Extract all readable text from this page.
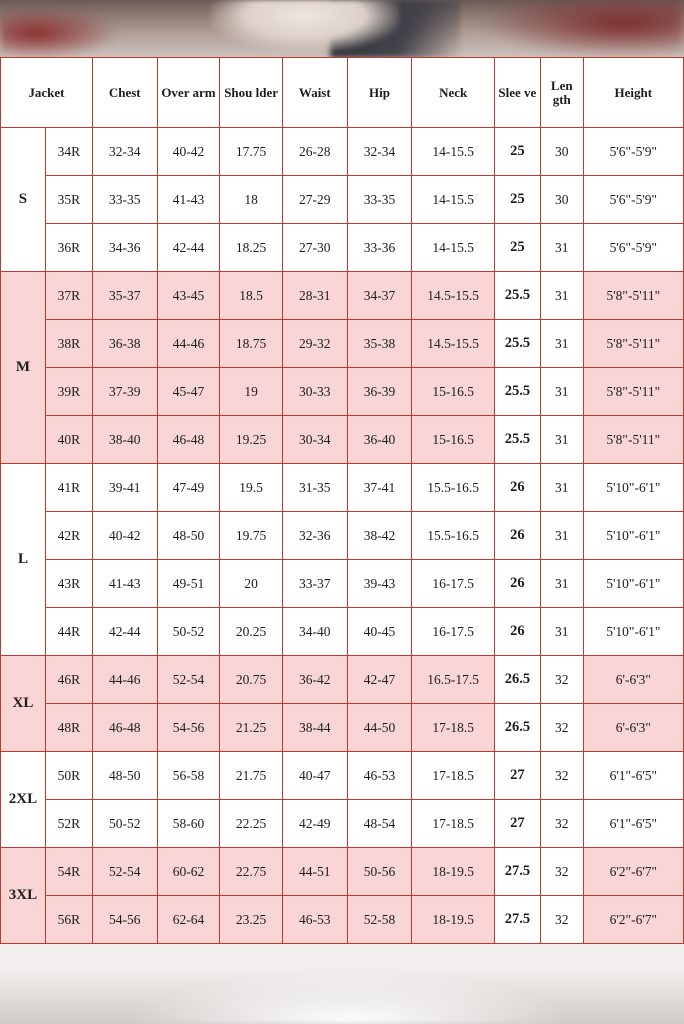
Jacket		Chest	Over arm	Shou lder	Waist	Hip	Neck	Slee ve	Len gth	Height
S	34R	32-34	40-42	17.75	26-28	32-34	14-15.5	25	30	5'6"-5'9"
	35R	33-35	41-43	18	27-29	33-35	14-15.5	25	30	5'6"-5'9"
	36R	34-36	42-44	18.25	27-30	33-36	14-15.5	25	31	5'6"-5'9"
M	37R	35-37	43-45	18.5	28-31	34-37	14.5-15.5	25.5	31	5'8"-5'11"
	38R	36-38	44-46	18.75	29-32	35-38	14.5-15.5	25.5	31	5'8"-5'11"
	39R	37-39	45-47	19	30-33	36-39	15-16.5	25.5	31	5'8"-5'11"
	40R	38-40	46-48	19.25	30-34	36-40	15-16.5	25.5	31	5'8"-5'11"
L	41R	39-41	47-49	19.5	31-35	37-41	15.5-16.5	26	31	5'10"-6'1"
	42R	40-42	48-50	19.75	32-36	38-42	15.5-16.5	26	31	5'10"-6'1"
	43R	41-43	49-51	20	33-37	39-43	16-17.5	26	31	5'10"-6'1"
	44R	42-44	50-52	20.25	34-40	40-45	16-17.5	26	31	5'10"-6'1"
XL	46R	44-46	52-54	20.75	36-42	42-47	16.5-17.5	26.5	32	6'-6'3"
	48R	46-48	54-56	21.25	38-44	44-50	17-18.5	26.5	32	6'-6'3"
2XL	50R	48-50	56-58	21.75	40-47	46-53	17-18.5	27	32	6'1"-6'5"
	52R	50-52	58-60	22.25	42-49	48-54	17-18.5	27	32	6'1"-6'5"
3XL	54R	52-54	60-62	22.75	44-51	50-56	18-19.5	27.5	32	6'2"-6'7"
	56R	54-56	62-64	23.25	46-53	52-58	18-19.5	27.5	32	6'2"-6'7"
